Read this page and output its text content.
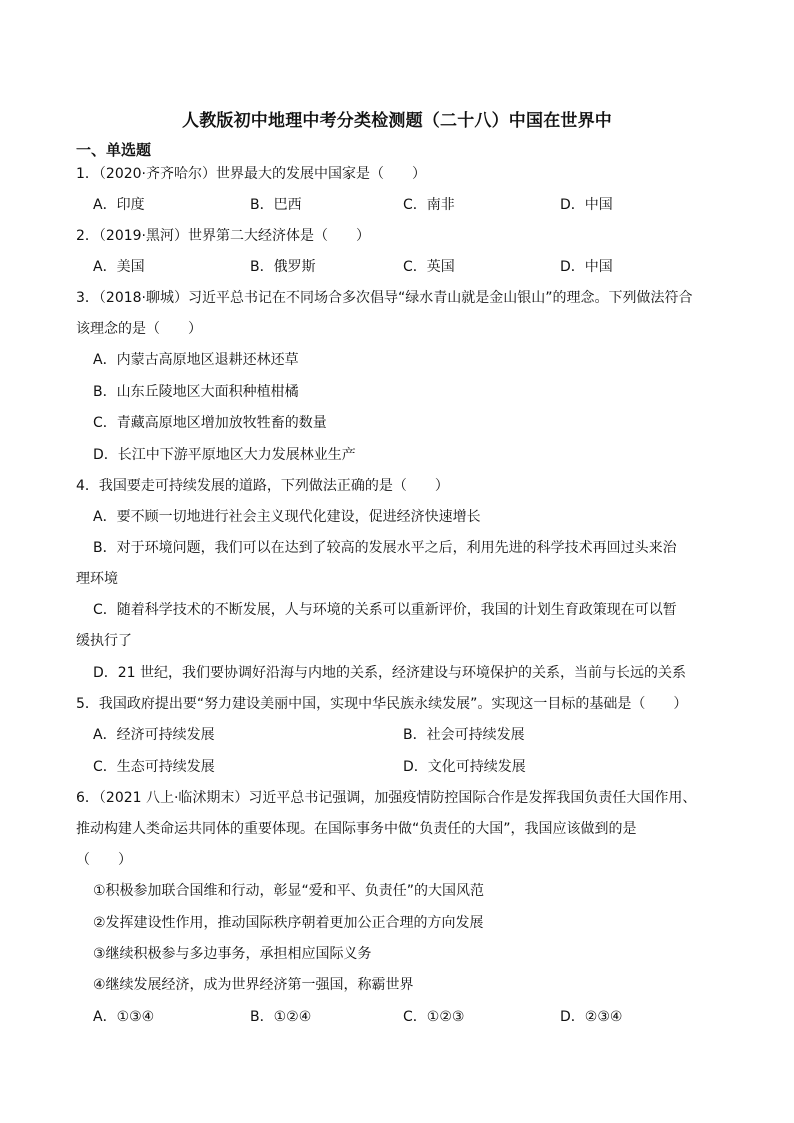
人教版初中地理中考分类检测题（二十八）中国在世界中
一、单选题
1．（2020·齐齐哈尔）世界最大的发展中国家是（　　）
A．印度	B．巴西	C．南非	D．中国
2．（2019·黑河）世界第二大经济体是（　　）
A．美国	B．俄罗斯	C．英国	D．中国
3．（2018·聊城）习近平总书记在不同场合多次倡导“绿水青山就是金山银山”的理念。下列做法符合
该理念的是（　　）
A．内蒙古高原地区退耕还林还草
B．山东丘陵地区大面积种植柑橘
C．青藏高原地区增加放牧牲畜的数量
D．长江中下游平原地区大力发展林业生产
4．我国要走可持续发展的道路，下列做法正确的是（　　）
A．要不顾一切地进行社会主义现代化建设，促进经济快速增长
B．对于环境问题，我们可以在达到了较高的发展水平之后，利用先进的科学技术再回过头来治
理环境
C．随着科学技术的不断发展，人与环境的关系可以重新评价，我国的计划生育政策现在可以暂
缓执行了
D．21 世纪，我们要协调好沿海与内地的关系，经济建设与环境保护的关系，当前与长远的关系
5．我国政府提出要“努力建设美丽中国，实现中华民族永续发展”。实现这一目标的基础是（　　）
A．经济可持续发展	B．社会可持续发展
C．生态可持续发展	D．文化可持续发展
6．（2021 八上·临沭期末）习近平总书记强调，加强疫情防控国际合作是发挥我国负责任大国作用、
推动构建人类命运共同体的重要体现。在国际事务中做“负责任的大国”，我国应该做到的是
（　　）
①积极参加联合国维和行动，彰显“爱和平、负责任”的大国风范
②发挥建设性作用，推动国际秩序朝着更加公正合理的方向发展
③继续积极参与多边事务，承担相应国际义务
④继续发展经济，成为世界经济第一强国，称霸世界
A．①③④	B．①②④	C．①②③	D．②③④
